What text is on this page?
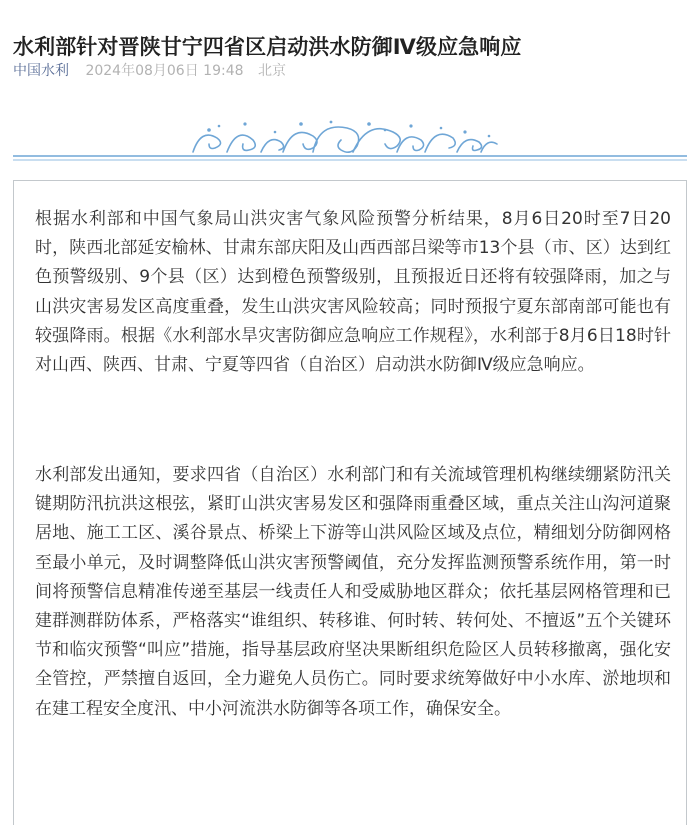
水利部针对晋陕甘宁四省区启动洪水防御Ⅳ级应急响应
中国水利 2024年08月06日 19:48 北京

根据水利部和中国气象局山洪灾害气象风险预警分析结果，8月6日20时至7日20时，陕西北部延安榆林、甘肃东部庆阳及山西西部吕梁等市13个县（市、区）达到红色预警级别、9个县（区）达到橙色预警级别，且预报近日还将有较强降雨，加之与山洪灾害易发区高度重叠，发生山洪灾害风险较高；同时预报宁夏东部南部可能也有较强降雨。根据《水利部水旱灾害防御应急响应工作规程》，水利部于8月6日18时针对山西、陕西、甘肃、宁夏等四省（自治区）启动洪水防御Ⅳ级应急响应。

水利部发出通知，要求四省（自治区）水利部门和有关流域管理机构继续绷紧防汛关键期防汛抗洪这根弦，紧盯山洪灾害易发区和强降雨重叠区域，重点关注山沟河道聚居地、施工工区、溪谷景点、桥梁上下游等山洪风险区域及点位，精细划分防御网格至最小单元，及时调整降低山洪灾害预警阈值，充分发挥监测预警系统作用，第一时间将预警信息精准传递至基层一线责任人和受威胁地区群众；依托基层网格管理和已建群测群防体系，严格落实“谁组织、转移谁、何时转、转何处、不擅返”五个关键环节和临灾预警“叫应”措施，指导基层政府坚决果断组织危险区人员转移撤离，强化安全管控，严禁擅自返回，全力避免人员伤亡。同时要求统筹做好中小水库、淤地坝和在建工程安全度汛、中小河流洪水防御等各项工作，确保安全。
